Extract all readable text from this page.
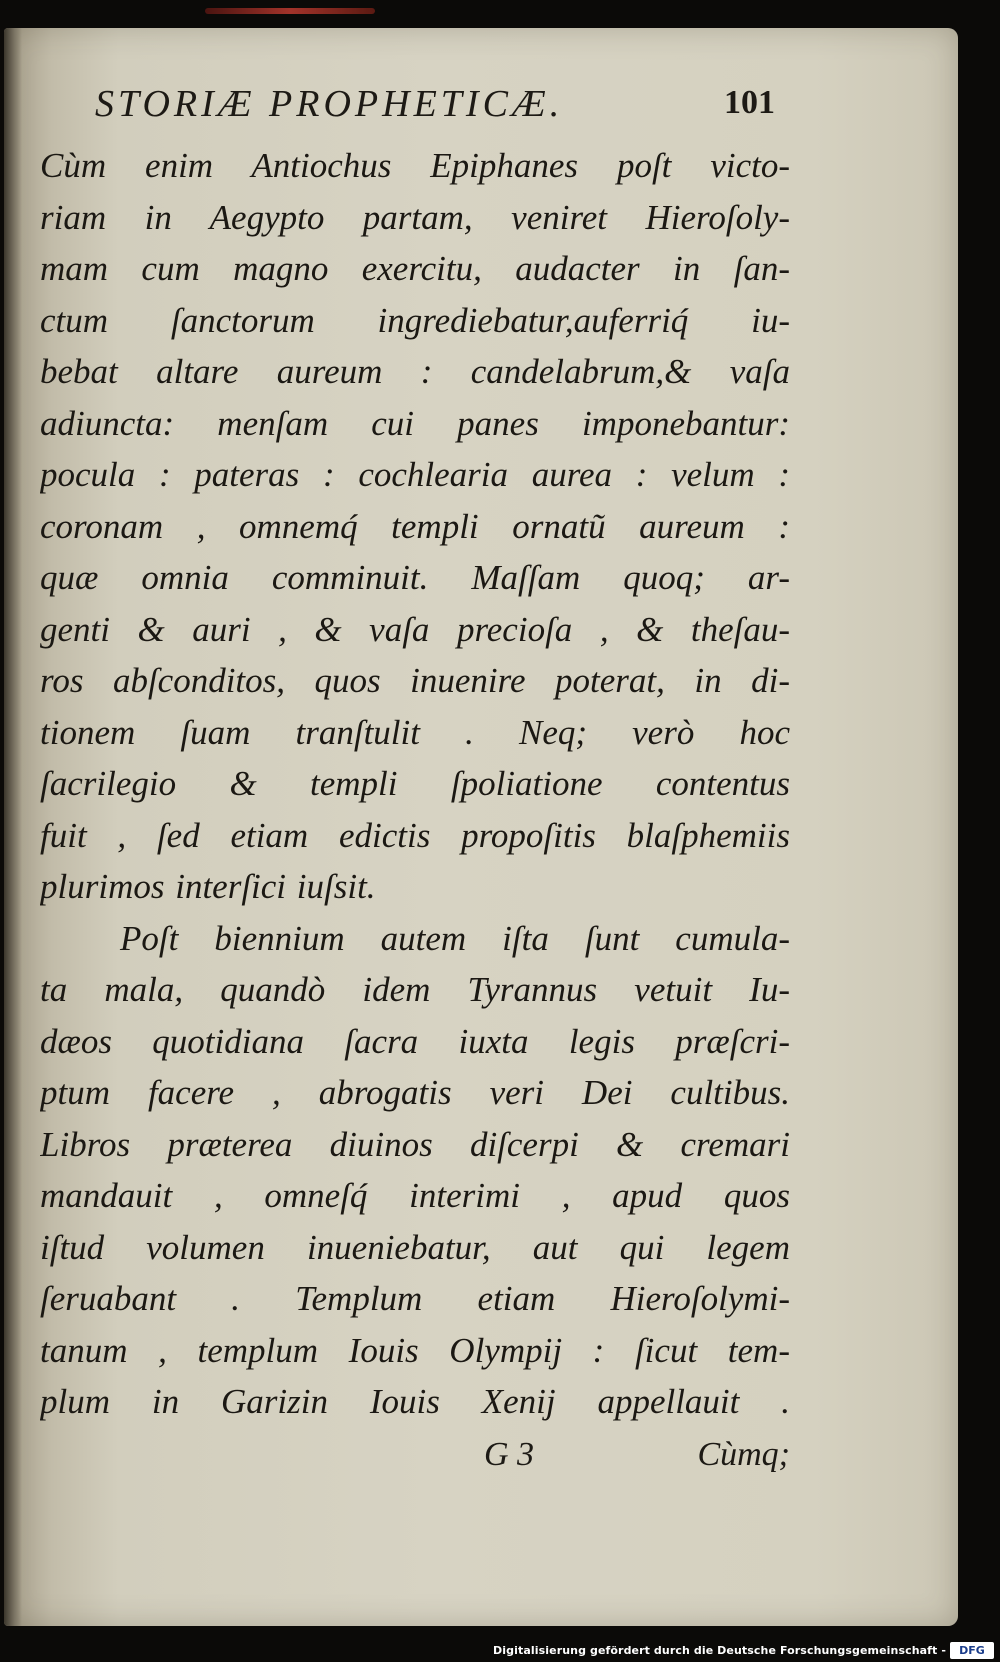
STORIÆ PROPHETICÆ.	101
Cùm enim Antiochus Epiphanes poſt victo-
riam in Aegypto partam, veniret Hieroſoly-
mam cum magno exercitu, audacter in ſan-
ctum ſanctorum ingrediebatur,auferriq́ iu-
bebat altare aureum : candelabrum,& vaſa
adiuncta: menſam cui panes imponebantur:
pocula : pateras : cochlearia aurea : velum :
coronam , omnemq́ templi ornatũ aureum :
quæ omnia comminuit. Maſſam quoq; ar-
genti & auri , & vaſa precioſa , & theſau-
ros abſconditos, quos inuenire poterat, in di-
tionem ſuam tranſtulit . Neq; verò hoc
ſacrilegio & templi ſpoliatione contentus
fuit , ſed etiam edictis propoſitis blaſphemiis
plurimos interſici iuſsit.
Poſt biennium autem iſta ſunt cumula-
ta mala, quandò idem Tyrannus vetuit Iu-
dæos quotidiana ſacra iuxta legis præſcri-
ptum facere , abrogatis veri Dei cultibus.
Libros præterea diuinos diſcerpi & cremari
mandauit , omneſq́ interimi , apud quos
iſtud volumen inueniebatur, aut qui legem
ſeruabant . Templum etiam Hieroſolymi-
tanum , templum Iouis Olympij : ſicut tem-
plum in Garizin Iouis Xenij appellauit .
G 3	Cùmq;
Digitalisierung gefördert durch die Deutsche Forschungsgemeinschaft -	DFG
